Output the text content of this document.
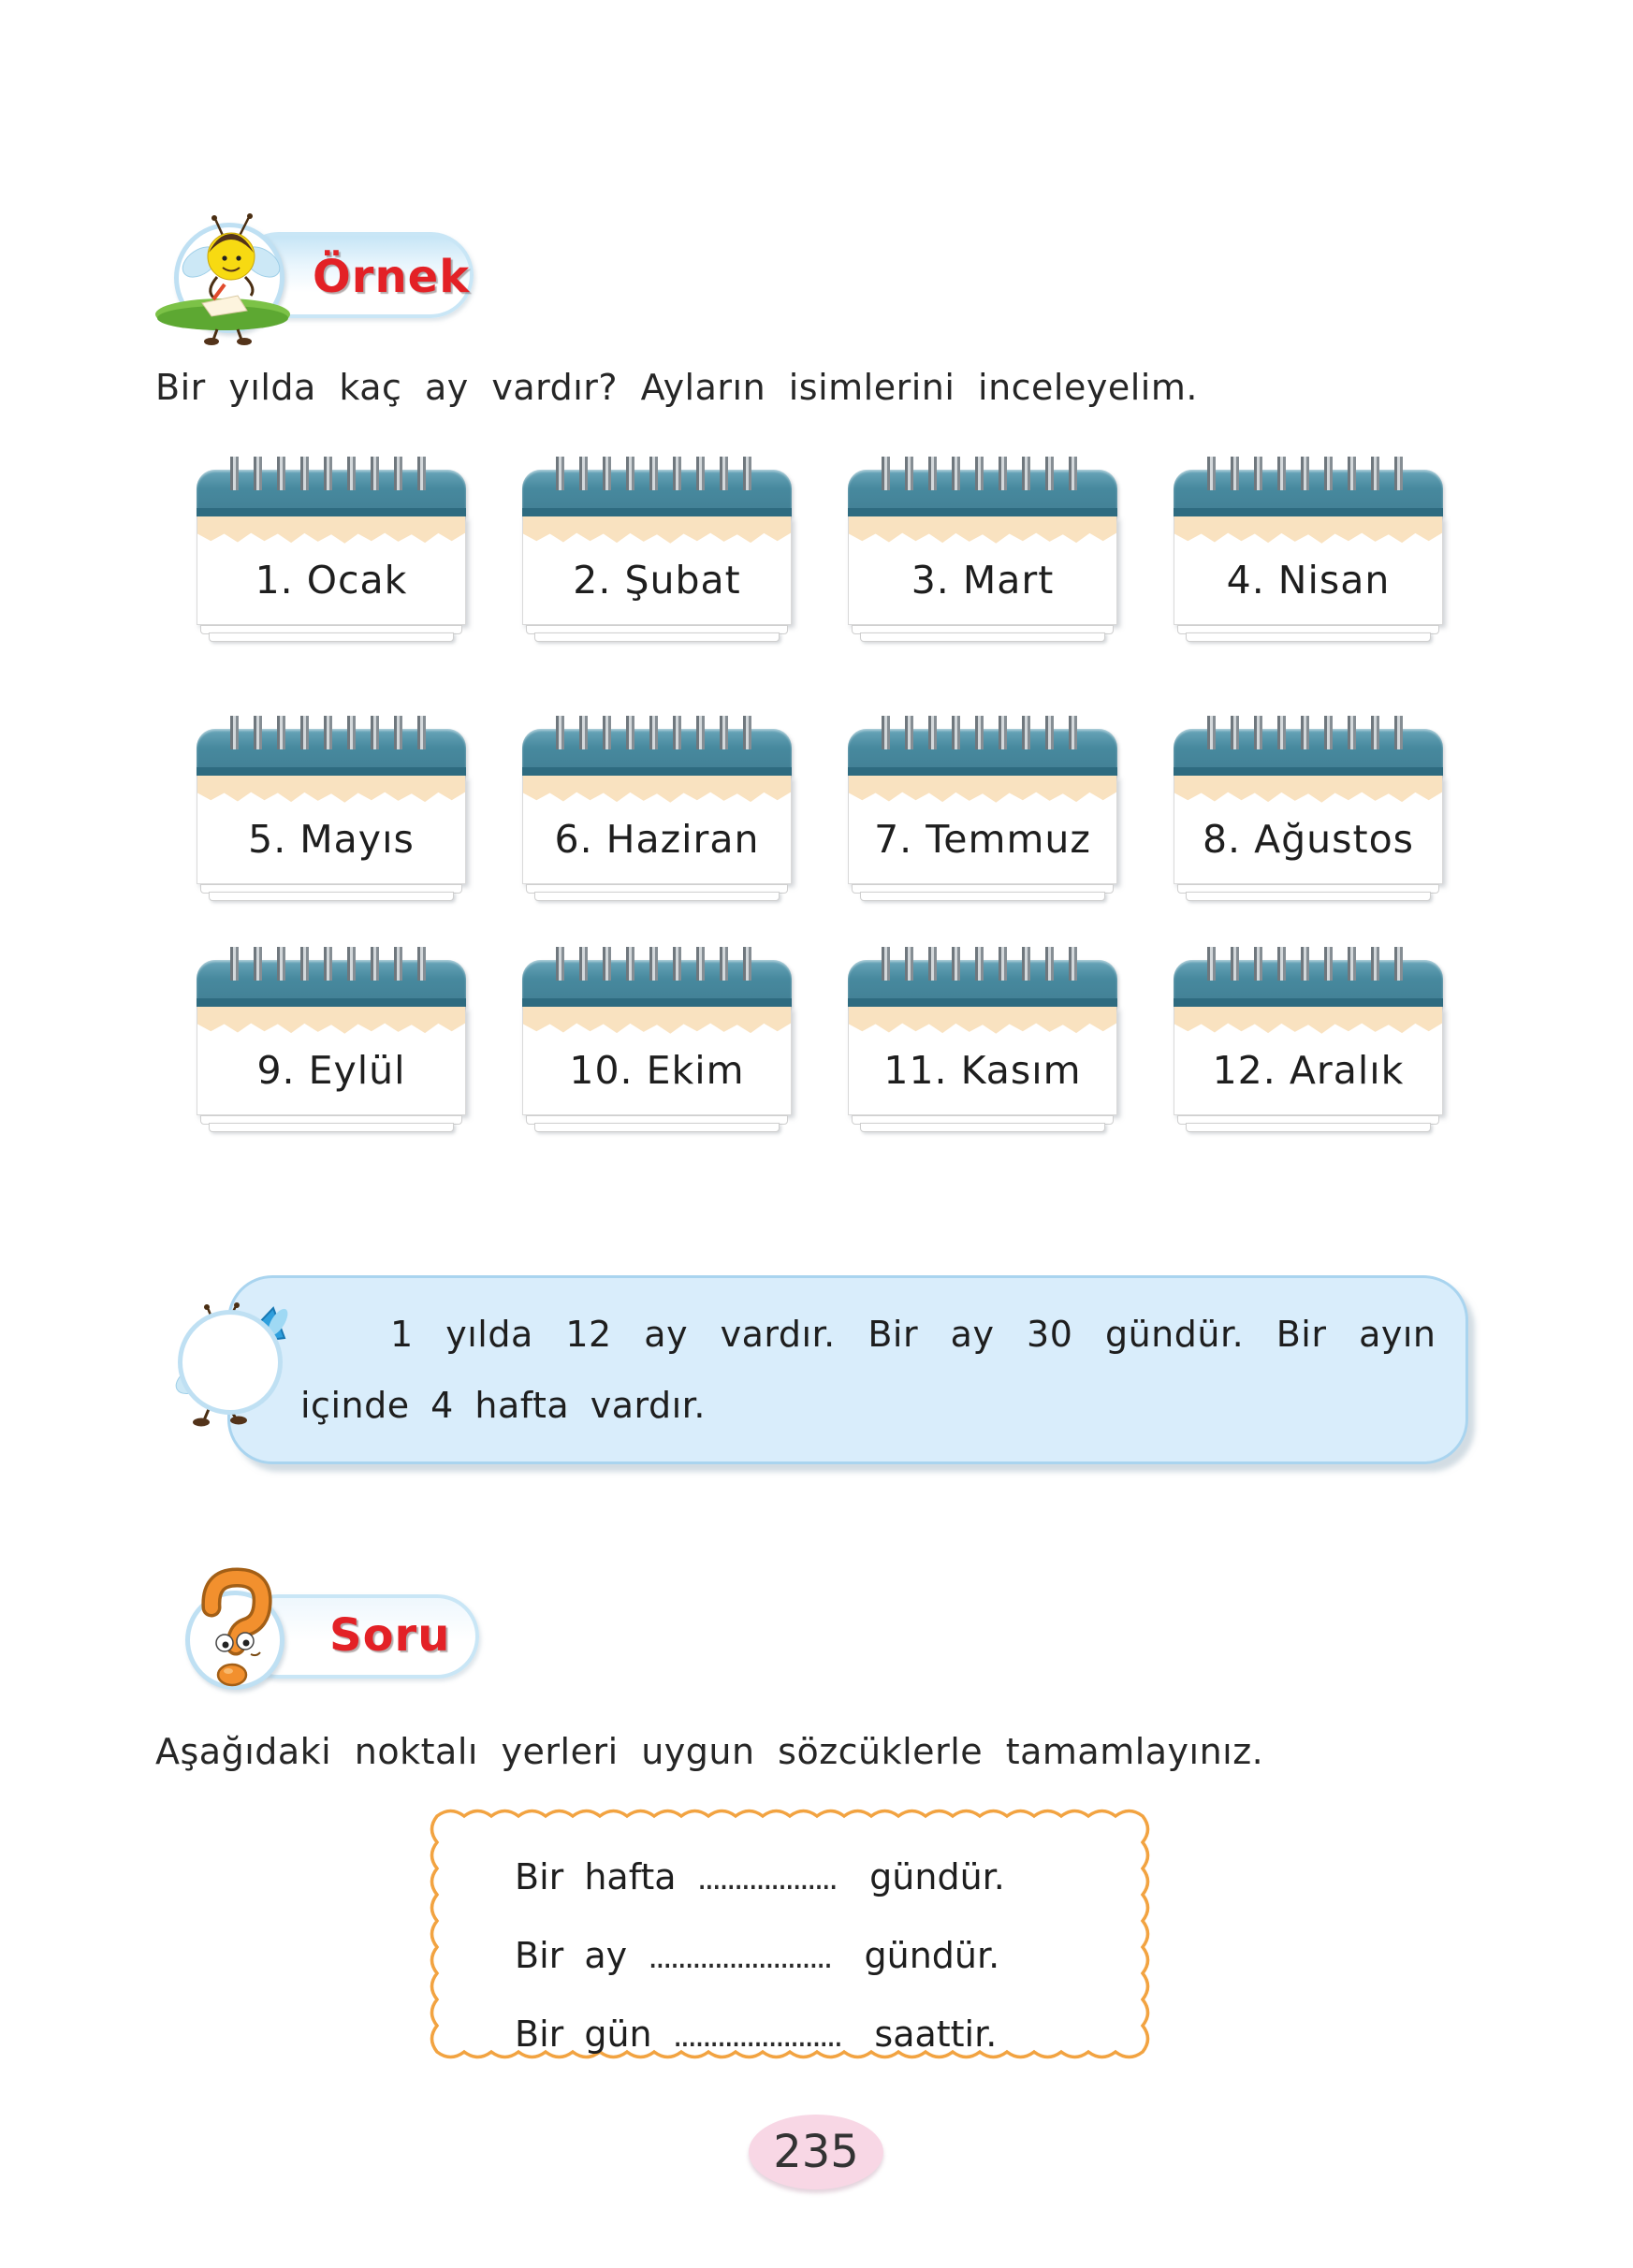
Örnek
Bir yılda kaç ay vardır? Ayların isimlerini inceleyelim.
1. Ocak	2. Şubat	3. Mart	4. Nisan
5. Mayıs	6. Haziran	7. Temmuz	8. Ağustos
9. Eylül	10. Ekim	11. Kasım	12. Aralık
1 yılda 12 ay vardır. Bir ay 30 gündür. Bir ayın
içinde 4 hafta vardır.
Soru
Aşağıdaki noktalı yerleri uygun sözcüklerle tamamlayınız.
Bir hafta ................... gündür.
Bir ay ......................... gündür.
Bir gün ....................... saattir.
235
